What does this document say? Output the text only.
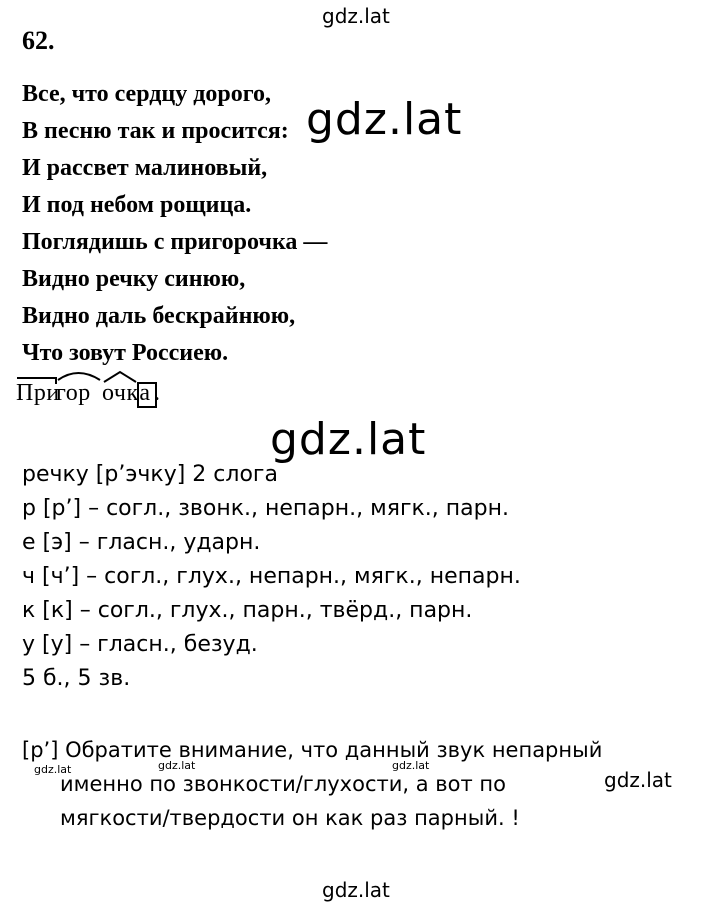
gdz.lat
gdz.lat
gdz.lat
62.
Все, что сердцу дорого,
В песню так и просится:
И рассвет малиновый,
И под небом рощица.
Поглядишь с пригорочка —
Видно речку синюю,
Видно даль бескрайнюю,
Что зовут Россиею.
Пригор очка .
речку [р’эчку] 2 слога
р [р’] – согл., звонк., непарн., мягк., парн.
е [э] – гласн., ударн.
ч [ч’] – согл., глух., непарн., мягк., непарн.
к [к] – согл., глух., парн., твёрд., парн.
у [у] – гласн., безуд.
5 б., 5 зв.
[р’] Обратите внимание, что данный звук непарный
именно по звонкости/глухости, а вот по
мягкости/твердости он как раз парный. !
gdz.lat	gdz.lat	gdz.lat
gdz.lat
gdz.lat
